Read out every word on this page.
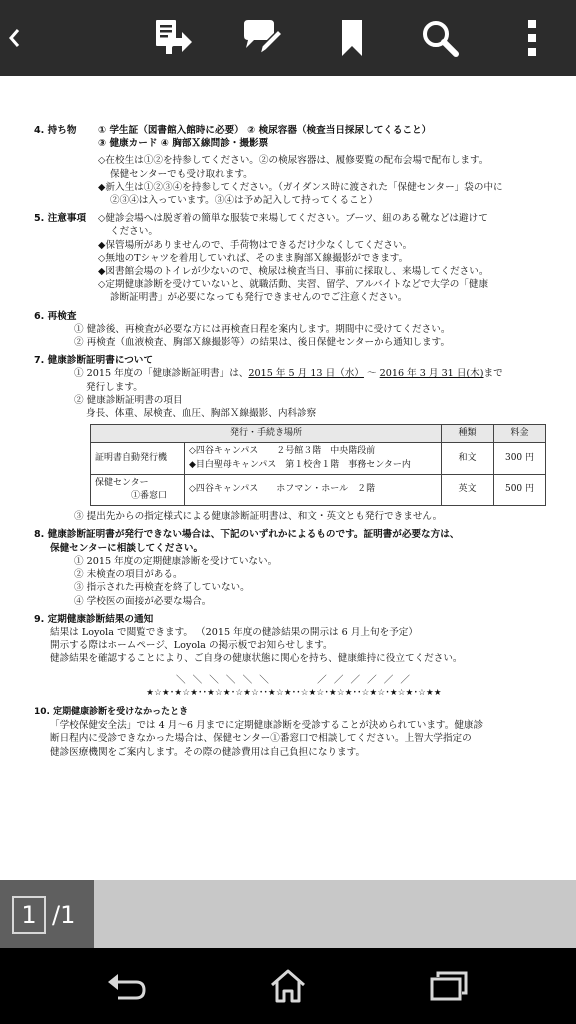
4. 持ち物	① 学生証（図書館入館時に必要） ② 検尿容器（検査当日採尿してくること）
③ 健康カード ④ 胸部Ｘ線問診・撮影票
◇在校生は①②を持参してください。②の検尿容器は、履修要覧の配布会場で配布します。
保健センターでも受け取れます。
◆新入生は①②③④を持参してください。（ガイダンス時に渡された「保健センター」袋の中に
②③④は入っています。③④は予め記入して持ってくること）
5. 注意事項	◇健診会場へは脱ぎ着の簡単な服装で来場してください。ブーツ、紐のある靴などは避けて
ください。
◆保管場所がありませんので、手荷物はできるだけ少なくしてください。
◇無地のTシャツを着用していれば、そのまま胸部Ｘ線撮影ができます。
◆図書館会場のトイレが少ないので、検尿は検査当日、事前に採取し、来場してください。
◇定期健康診断を受けていないと、就職活動、実習、留学、アルバイトなどで大学の「健康
診断証明書」が必要になっても発行できませんのでご注意ください。
6. 再検査
① 健診後、再検査が必要な方には再検査日程を案内します。期間中に受けてください。
② 再検査（血液検査、胸部Ｘ線撮影等）の結果は、後日保健センターから通知します。
7. 健康診断証明書について
① 2015 年度の「健康診断証明書」は、2015 年 5 月 13 日（水） ～ 2016 年 3 月 31 日(木)まで
発行します。
② 健康診断証明書の項目
身長、体重、尿検査、血圧、胸部Ｘ線撮影、内科診察
発行・手続き場所		種類	料金
証明書自動発行機	◇四谷キャンパス　　２号館３階　中央階段前
◆目白聖母キャンパス　第１校舎１階　事務センター内	和文	300 円

保健センター
①番窓口	◇四谷キャンパス　　ホフマン・ホール　２階	英文	500 円
③ 提出先からの指定様式による健康診断証明書は、和文・英文とも発行できません。
8. 健康診断証明書が発行できない場合は、下記のいずれかによるものです。証明書が必要な方は、
保健センターに相談してください。
① 2015 年度の定期健康診断を受けていない。
② 未検査の項目がある。
③ 指示された再検査を終了していない。
④ 学校医の面接が必要な場合。
9. 定期健康診断結果の通知
結果は Loyola で閲覧できます。 （2015 年度の健診結果の開示は 6 月上旬を予定）
開示する際はホームページ、Loyola の掲示板でお知らせします。
健診結果を確認することにより、ご自身の健康状態に関心を持ち、健康維持に役立てください。
＼ ＼ ＼ ＼ ＼ ＼　　　　／ ／ ／ ／ ／ ／
★☆★･★☆★･･★☆★･☆★☆･･★☆★･･☆★☆･★☆★･･☆★☆･★☆★･☆★★
10. 定期健康診断を受けなかったとき
「学校保健安全法」では 4 月～6 月までに定期健康診断を受診することが決められています。健康診
断日程内に受診できなかった場合は、保健センター①番窓口で相談してください。上智大学指定の
健診医療機関をご案内します。その際の健診費用は自己負担になります。
1 /1
